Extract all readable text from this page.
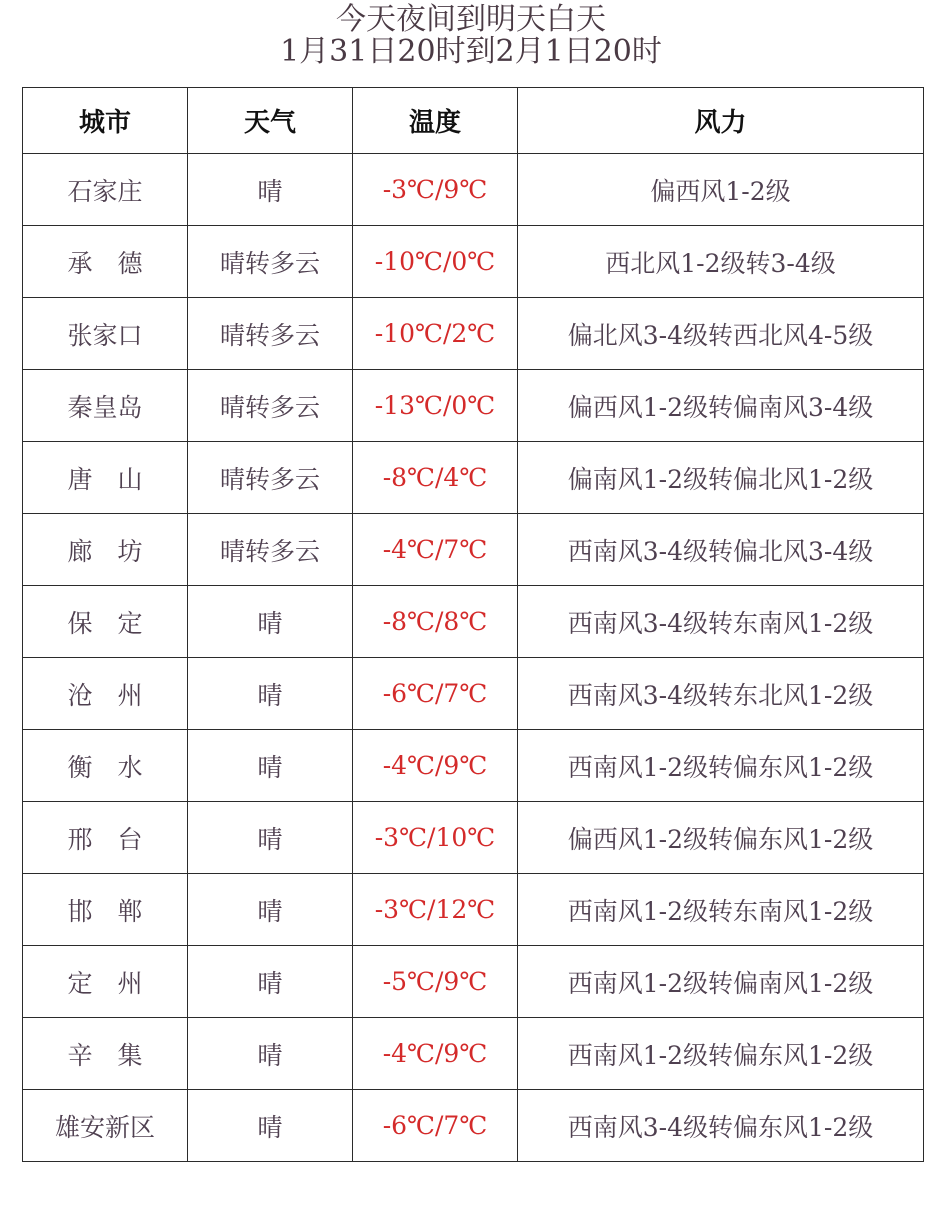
今天夜间到明天白天
1月31日20时到2月1日20时
城市	天气	温度	风力
石家庄	晴	-3℃/9℃	偏西风1-2级
承　德	晴转多云	-10℃/0℃	西北风1-2级转3-4级
张家口	晴转多云	-10℃/2℃	偏北风3-4级转西北风4-5级
秦皇岛	晴转多云	-13℃/0℃	偏西风1-2级转偏南风3-4级
唐　山	晴转多云	-8℃/4℃	偏南风1-2级转偏北风1-2级
廊　坊	晴转多云	-4℃/7℃	西南风3-4级转偏北风3-4级
保　定	晴	-8℃/8℃	西南风3-4级转东南风1-2级
沧　州	晴	-6℃/7℃	西南风3-4级转东北风1-2级
衡　水	晴	-4℃/9℃	西南风1-2级转偏东风1-2级
邢　台	晴	-3℃/10℃	偏西风1-2级转偏东风1-2级
邯　郸	晴	-3℃/12℃	西南风1-2级转东南风1-2级
定　州	晴	-5℃/9℃	西南风1-2级转偏南风1-2级
辛　集	晴	-4℃/9℃	西南风1-2级转偏东风1-2级
雄安新区	晴	-6℃/7℃	西南风3-4级转偏东风1-2级
